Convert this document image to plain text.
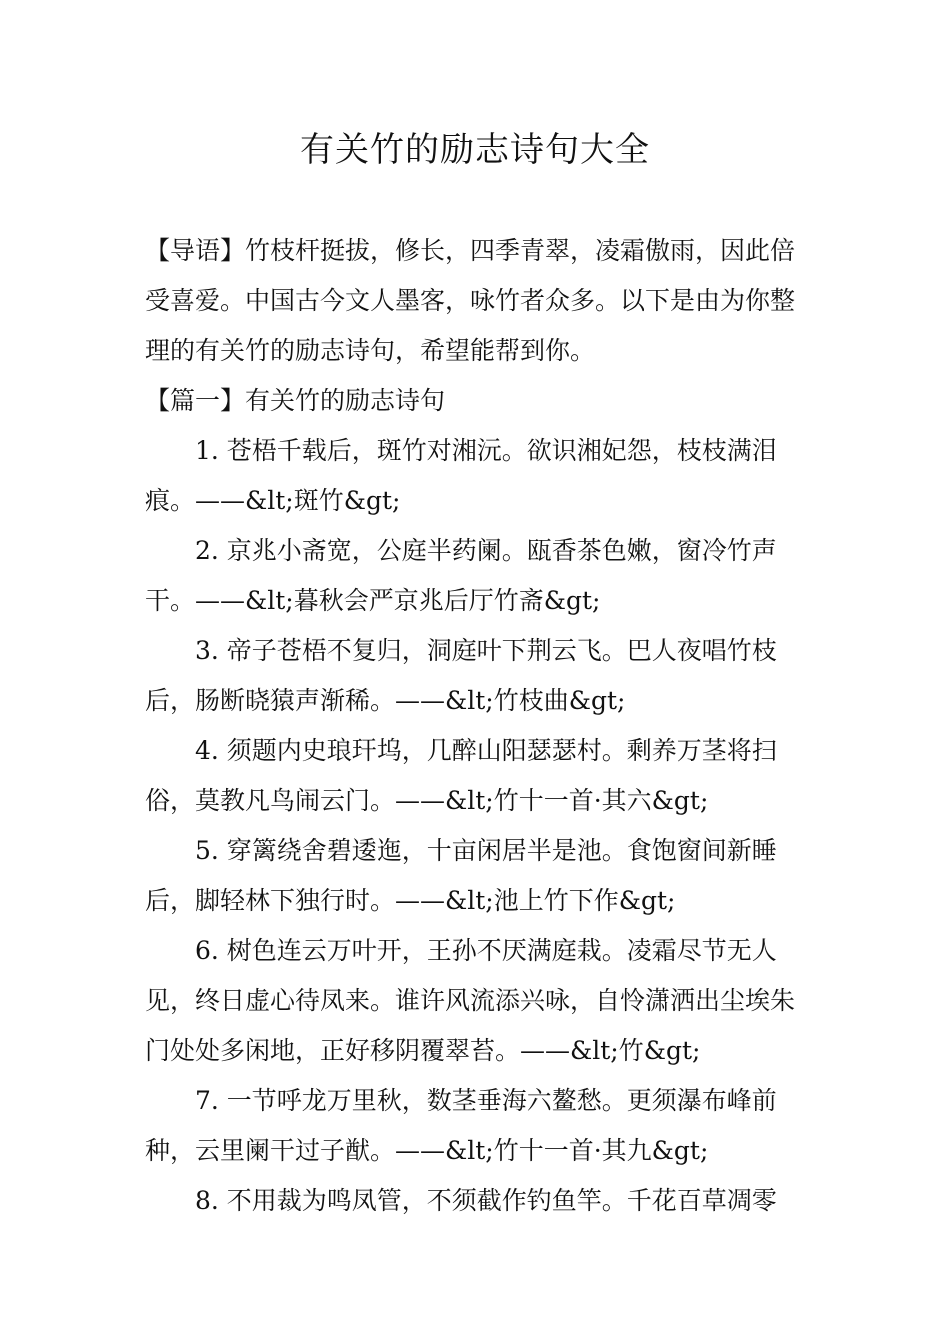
有关竹的励志诗句大全

【导语】竹枝杆挺拔，修长，四季青翠，凌霜傲雨，因此倍受喜爱。中国古今文人墨客，咏竹者众多。以下是由为你整理的有关竹的励志诗句，希望能帮到你。

【篇一】有关竹的励志诗句

1. 苍梧千载后，斑竹对湘沅。欲识湘妃怨，枝枝满泪痕。——&lt;斑竹&gt;

2. 京兆小斋宽，公庭半药阑。瓯香茶色嫩，窗冷竹声干。——&lt;暮秋会严京兆后厅竹斋&gt;

3. 帝子苍梧不复归，洞庭叶下荆云飞。巴人夜唱竹枝后，肠断晓猿声渐稀。——&lt;竹枝曲&gt;

4. 须题内史琅玕坞，几醉山阳瑟瑟村。剩养万茎将扫俗，莫教凡鸟闹云门。——&lt;竹十一首·其六&gt;

5. 穿篱绕舍碧逶迤，十亩闲居半是池。食饱窗间新睡后，脚轻林下独行时。——&lt;池上竹下作&gt;

6. 树色连云万叶开，王孙不厌满庭栽。凌霜尽节无人见，终日虚心待凤来。谁许风流添兴咏，自怜潇洒出尘埃朱门处处多闲地，正好移阴覆翠苔。——&lt;竹&gt;

7. 一节呼龙万里秋，数茎垂海六鳌愁。更须瀑布峰前种，云里阑干过子猷。——&lt;竹十一首·其九&gt;

8. 不用裁为鸣凤管，不须截作钓鱼竿。千花百草凋零
